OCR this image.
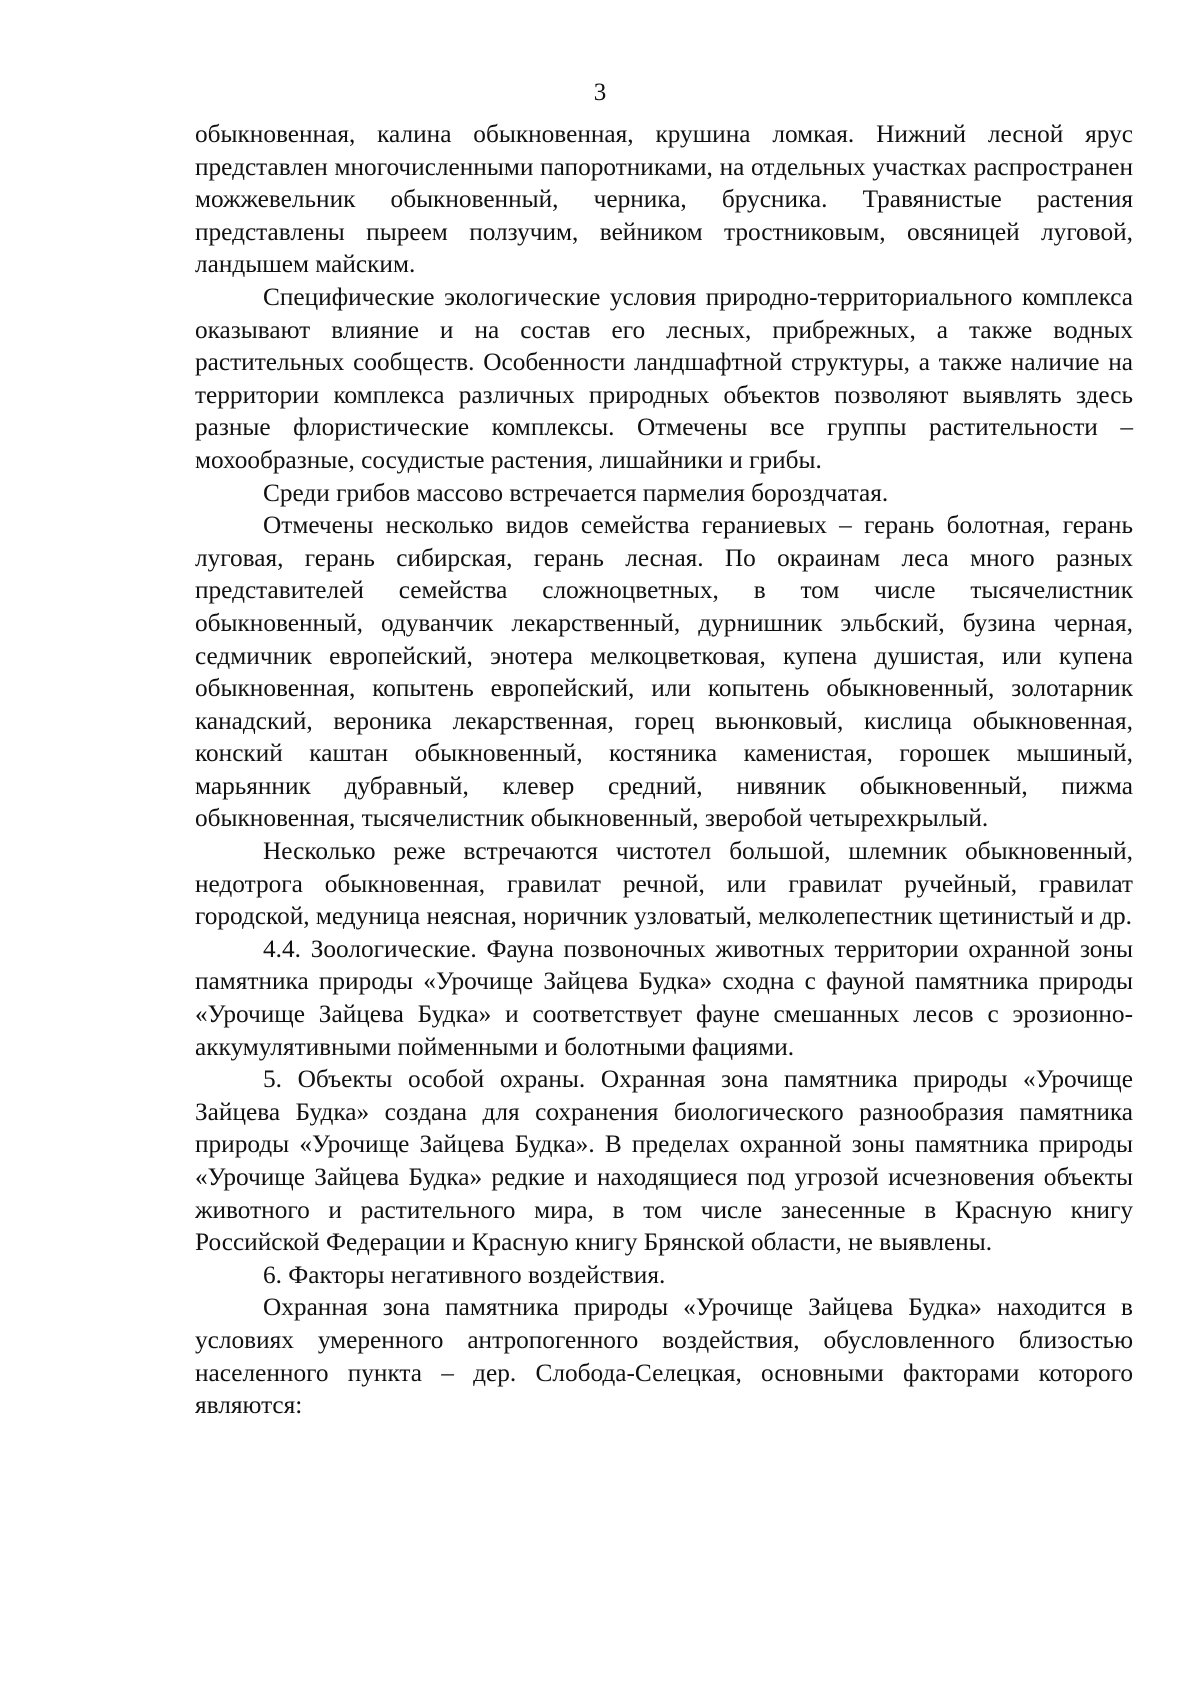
3

обыкновенная, калина обыкновенная, крушина ломкая. Нижний лесной ярус представлен многочисленными папоротниками, на отдельных участках распространен можжевельник обыкновенный, черника, брусника. Травянистые растения представлены пыреем ползучим, вейником тростниковым, овсяницей луговой, ландышем майским.

Специфические экологические условия природно-территориального комплекса оказывают влияние и на состав его лесных, прибрежных, а также водных растительных сообществ. Особенности ландшафтной структуры, а также наличие на территории комплекса различных природных объектов позволяют выявлять здесь разные флористические комплексы. Отмечены все группы растительности – мохообразные, сосудистые растения, лишайники и грибы.

Среди грибов массово встречается пармелия бороздчатая.

Отмечены несколько видов семейства гераниевых – герань болотная, герань луговая, герань сибирская, герань лесная. По окраинам леса много разных представителей семейства сложноцветных, в том числе тысячелистник обыкновенный, одуванчик лекарственный, дурнишник эльбский, бузина черная, седмичник европейский, энотера мелкоцветковая, купена душистая, или купена обыкновенная, копытень европейский, или копытень обыкновенный, золотарник канадский, вероника лекарственная, горец вьюнковый, кислица обыкновенная, конский каштан обыкновенный, костяника каменистая, горошек мышиный, марьянник дубравный, клевер средний, нивяник обыкновенный, пижма обыкновенная, тысячелистник обыкновенный, зверобой четырехкрылый.

Несколько реже встречаются чистотел большой, шлемник обыкновенный, недотрога обыкновенная, гравилат речной, или гравилат ручейный, гравилат городской, медуница неясная, норичник узловатый, мелколепестник щетинистый и др.

4.4. Зоологические. Фауна позвоночных животных территории охранной зоны памятника природы «Урочище Зайцева Будка» сходна с фауной памятника природы «Урочище Зайцева Будка» и соответствует фауне смешанных лесов с эрозионно-аккумулятивными пойменными и болотными фациями.

5. Объекты особой охраны. Охранная зона памятника природы «Урочище Зайцева Будка» создана для сохранения биологического разнообразия памятника природы «Урочище Зайцева Будка». В пределах охранной зоны памятника природы «Урочище Зайцева Будка» редкие и находящиеся под угрозой исчезновения объекты животного и растительного мира, в том числе занесенные в Красную книгу Российской Федерации и Красную книгу Брянской области, не выявлены.

6. Факторы негативного воздействия.

Охранная зона памятника природы «Урочище Зайцева Будка» находится в условиях умеренного антропогенного воздействия, обусловленного близостью населенного пункта – дер. Слобода-Селецкая, основными факторами которого являются:
